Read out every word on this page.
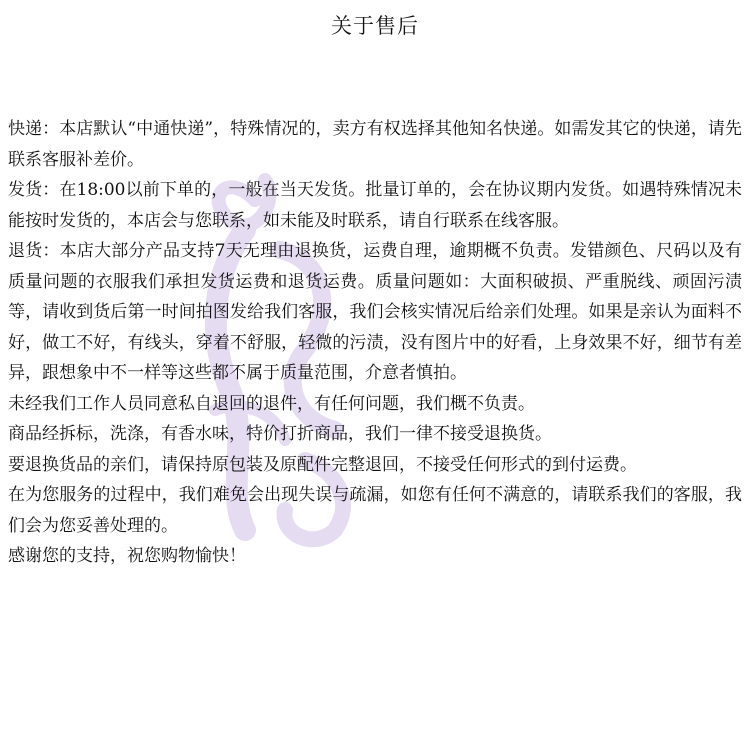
关于售后

快递：本店默认“中通快递”，特殊情况的，卖方有权选择其他知名快递。如需发其它的快递，请先联系客服补差价。

发货：在18:00以前下单的，一般在当天发货。批量订单的，会在协议期内发货。如遇特殊情况未能按时发货的，本店会与您联系，如未能及时联系，请自行联系在线客服。

退货：本店大部分产品支持7天无理由退换货，运费自理，逾期概不负责。发错颜色、尺码以及有质量问题的衣服我们承担发货运费和退货运费。质量问题如：大面积破损、严重脱线、顽固污渍等，请收到货后第一时间拍图发给我们客服，我们会核实情况后给亲们处理。如果是亲认为面料不好，做工不好，有线头，穿着不舒服，轻微的污渍，没有图片中的好看，上身效果不好，细节有差异，跟想象中不一样等这些都不属于质量范围，介意者慎拍。

未经我们工作人员同意私自退回的退件，有任何问题，我们概不负责。

商品经拆标，洗涤，有香水味，特价打折商品，我们一律不接受退换货。

要退换货品的亲们，请保持原包装及原配件完整退回，不接受任何形式的到付运费。

在为您服务的过程中，我们难免会出现失误与疏漏，如您有任何不满意的，请联系我们的客服，我们会为您妥善处理的。

感谢您的支持，祝您购物愉快！
